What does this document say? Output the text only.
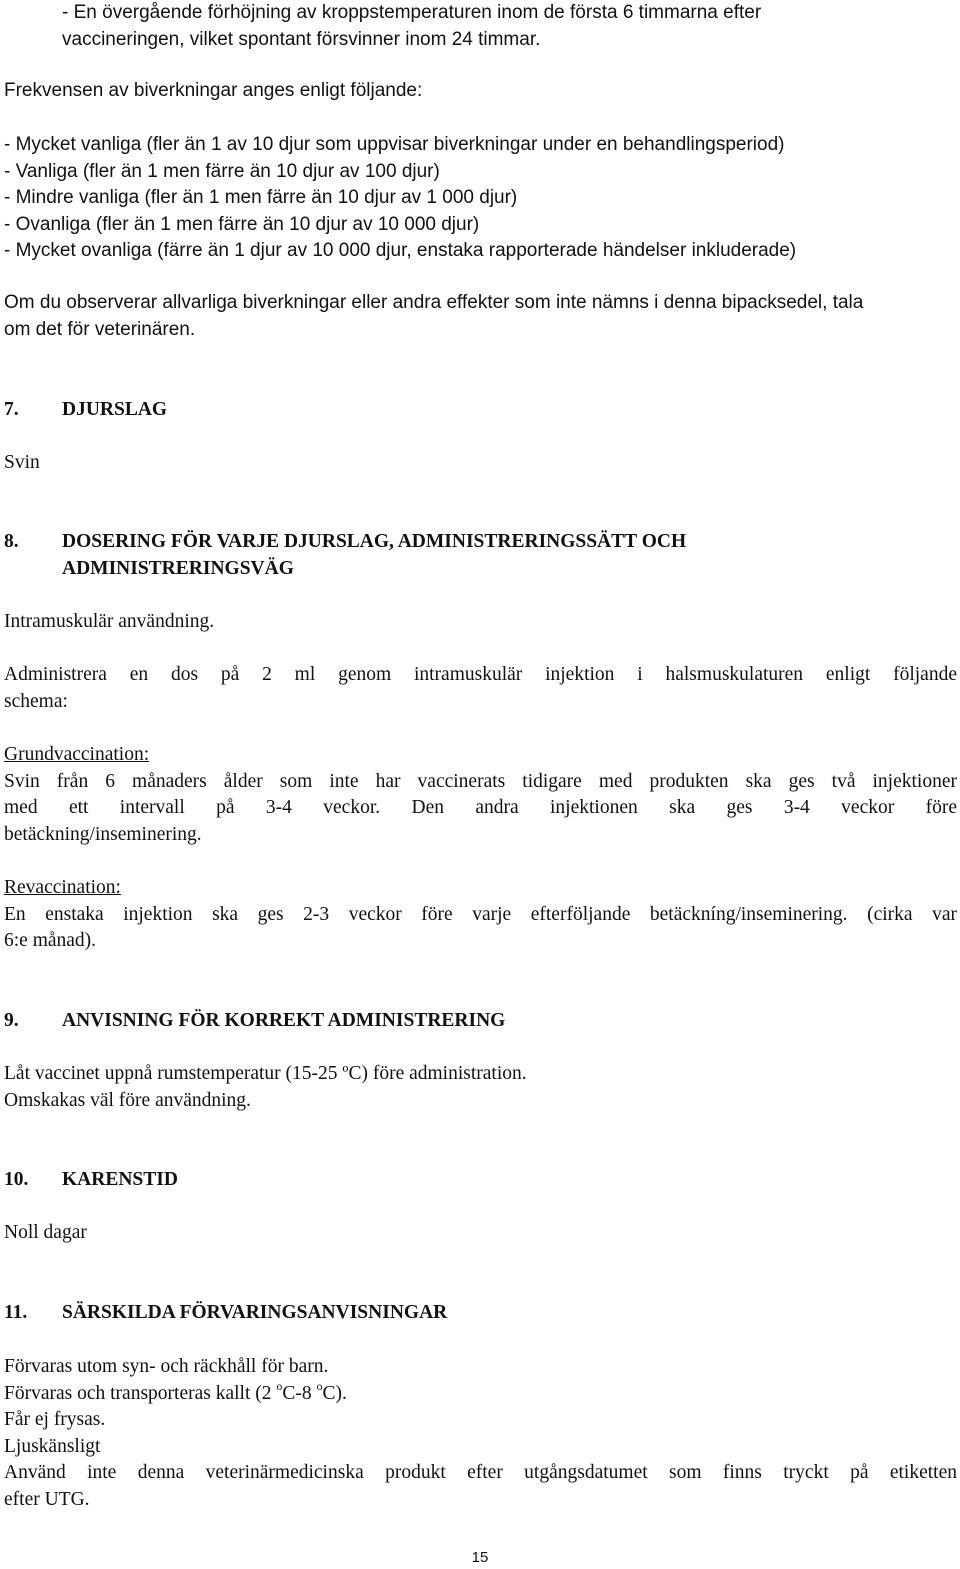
- En övergående förhöjning av kroppstemperaturen inom de första 6 timmarna efter
vaccineringen, vilket spontant försvinner inom 24 timmar.
Frekvensen av biverkningar anges enligt följande:
- Mycket vanliga (fler än 1 av 10 djur som uppvisar biverkningar under en behandlingsperiod)
- Vanliga (fler än 1 men färre än 10 djur av 100 djur)
- Mindre vanliga (fler än 1 men färre än 10 djur av 1 000 djur)
- Ovanliga (fler än 1 men färre än 10 djur av 10 000 djur)
- Mycket ovanliga (färre än 1 djur av 10 000 djur, enstaka rapporterade händelser inkluderade)
Om du observerar allvarliga biverkningar eller andra effekter som inte nämns i denna bipacksedel, tala
om det för veterinären.
7. DJURSLAG
Svin
8.	DOSERING FÖR VARJE DJURSLAG, ADMINISTRERINGSSÄTT OCH
ADMINISTRERINGSVÄG
Intramuskulär användning.
Administrera en dos på 2 ml genom intramuskulär injektion i halsmuskulaturen enligt följande
schema:
Grundvaccination:
Svin från 6 månaders ålder som inte har vaccinerats tidigare med produkten ska ges två injektioner
med ett intervall på 3-4 veckor. Den andra injektionen ska ges 3-4 veckor före
betäckning/inseminering.
Revaccination:
En enstaka injektion ska ges 2-3 veckor före varje efterföljande betäckníng/inseminering. (cirka var
6:e månad).
9. ANVISNING FÖR KORREKT ADMINISTRERING
Låt vaccinet uppnå rumstemperatur (15-25 ºC) före administration.
Omskakas väl före användning.
10. KARENSTID
Noll dagar
11. SÄRSKILDA FÖRVARINGSANVISNINGAR
Förvaras utom syn- och räckhåll för barn.
Förvaras och transporteras kallt (2 $^o$C-8 $^o$C).
Får ej frysas.
Ljuskänsligt
Använd inte denna veterinärmedicinska produkt efter utgångsdatumet som finns tryckt på etiketten
efter UTG.
15
